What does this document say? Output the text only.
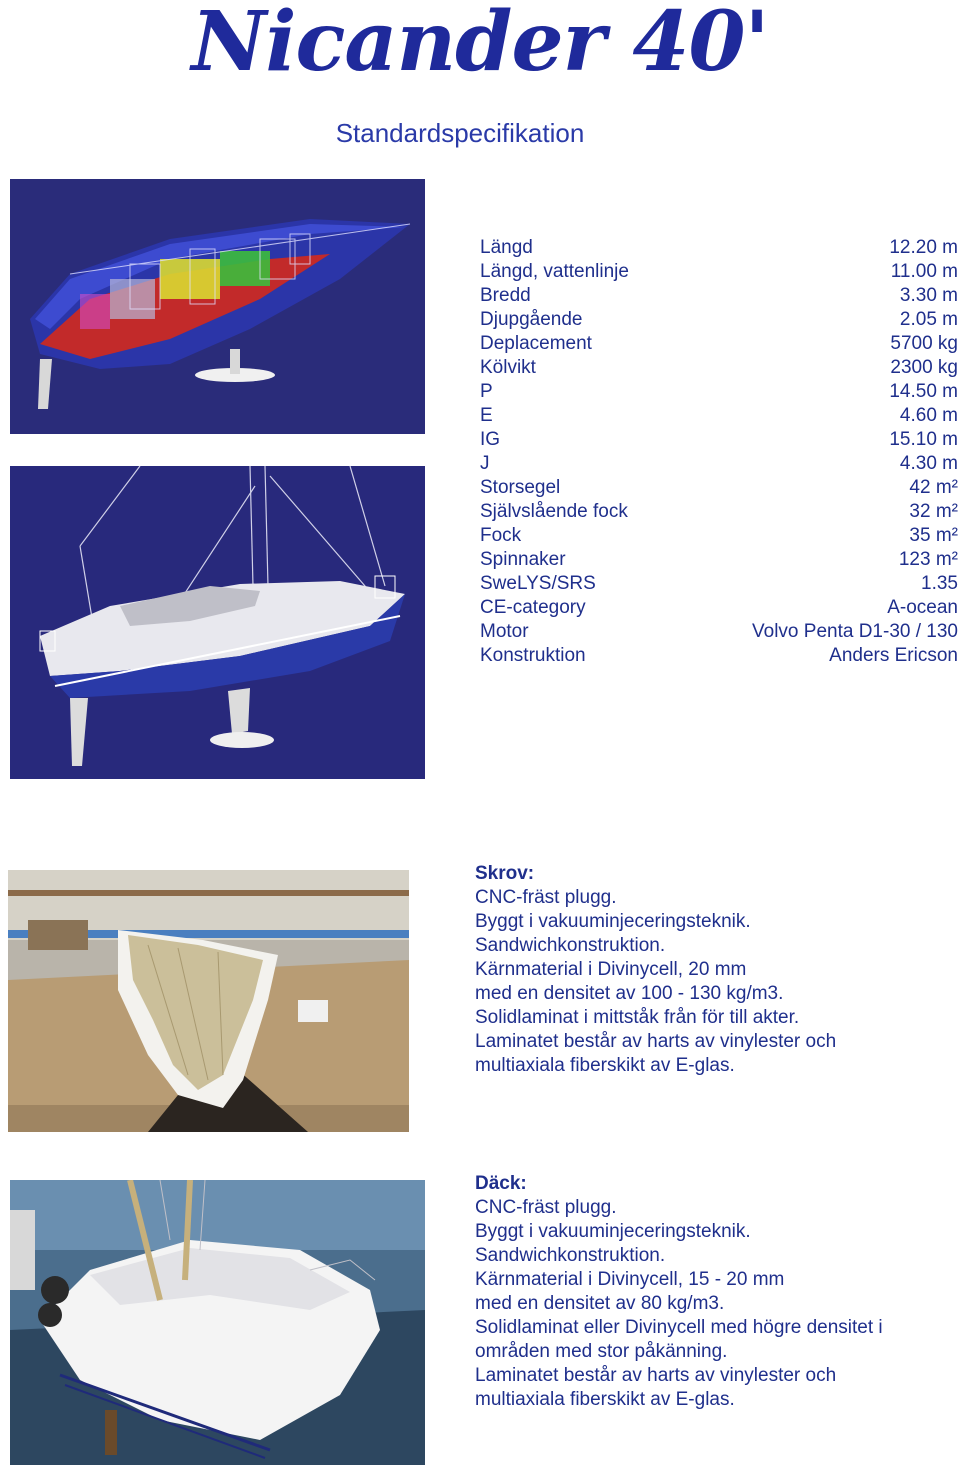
Nicander 40'
Standardspecifikation
Längd	12.20 m
Längd, vattenlinje	11.00 m
Bredd	3.30 m
Djupgående	2.05 m
Deplacement	5700 kg
Kölvikt	2300 kg
P	14.50 m
E	4.60 m
IG	15.10 m
J	4.30 m
Storsegel	42 m²
Självslående fock	32 m²
Fock	35 m²
Spinnaker	123 m²
SweLYS/SRS	1.35
CE-category	A-ocean
Motor	Volvo Penta D1-30 / 130
Konstruktion	Anders Ericson
Skrov:
CNC-fräst plugg.
Byggt i vakuuminjeceringsteknik.
Sandwichkonstruktion.
Kärnmaterial i Divinycell, 20 mm
med en densitet av 100 - 130 kg/m3.
Solidlaminat i mittståk från för till akter.
Laminatet består av harts av vinylester och
multiaxiala fiberskikt av E-glas.
Däck:
CNC-fräst plugg.
Byggt i vakuuminjeceringsteknik.
Sandwichkonstruktion.
Kärnmaterial i Divinycell, 15 - 20 mm
med en densitet av 80 kg/m3.
Solidlaminat eller Divinycell med högre densitet i
områden med stor påkänning.
Laminatet består av harts av vinylester och
multiaxiala fiberskikt av E-glas.
